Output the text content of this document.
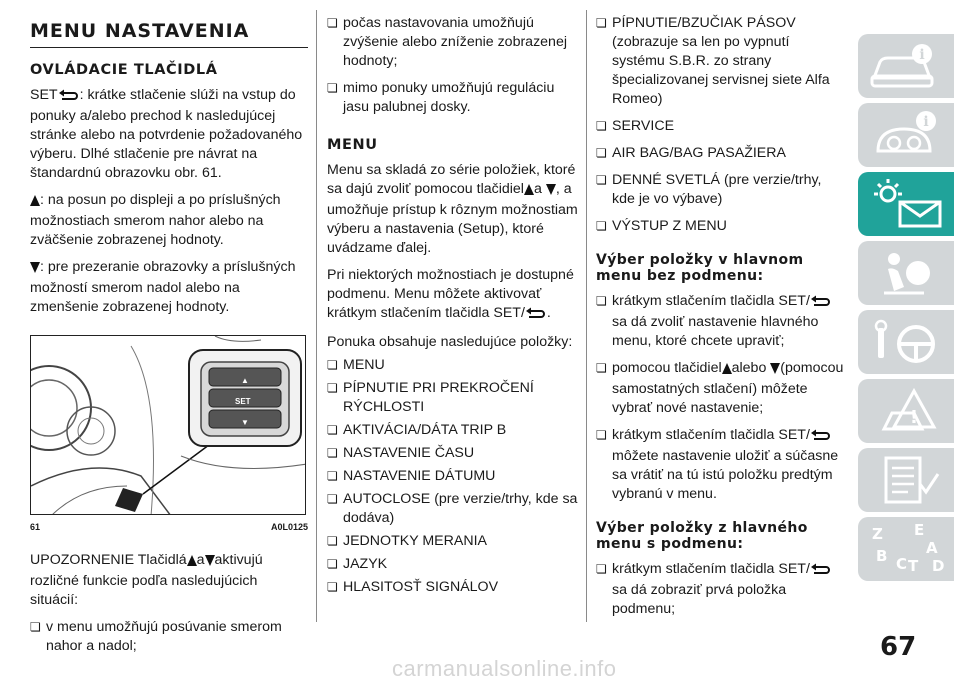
MENU NASTAVENIA
OVLÁDACIE TLAČIDLÁ

SET : krátke stlačenie slúži na vstup do ponuky a/alebo prechod k nasledujúcej stránke alebo na potvrdenie požadovaného výberu. Dlhé stlačenie pre návrat na štandardnú obrazovku obr. 61.

: na posun po displeji a po príslušných možnostiach smerom nahor alebo na zväčšenie zobrazenej hodnoty.

: pre prezeranie obrazovky a príslušných možností smerom nadol alebo na zmenšenie zobrazenej hodnoty.

▲
SET
▼
61	A0L0125

UPOZORNENIE Tlačidlá a aktivujú rozličné funkcie podľa nasledujúcich situácií:

❏ v menu umožňujú posúvanie smerom nahor a nadol;

❏ počas nastavovania umožňujú zvýšenie alebo zníženie zobrazenej hodnoty;

❏ mimo ponuky umožňujú reguláciu jasu palubnej dosky.

MENU

Menu sa skladá zo série položiek, ktoré sa dajú zvoliť pomocou tlačidiel a , a umožňuje prístup k rôznym možnostiam výberu a nastavenia (Setup), ktoré uvádzame ďalej.

Pri niektorých možnostiach je dostupné podmenu. Menu môžete aktivovať krátkym stlačením tlačidla SET/ .

Ponuka obsahuje nasledujúce položky:

❏ MENU

❏ PÍPNUTIE PRI PREKROČENÍ RÝCHLOSTI

❏ AKTIVÁCIA/DÁTA TRIP B

❏ NASTAVENIE ČASU

❏ NASTAVENIE DÁTUMU

❏ AUTOCLOSE (pre verzie/trhy, kde sa dodáva)

❏ JEDNOTKY MERANIA

❏ JAZYK

❏ HLASITOSŤ SIGNÁLOV

❏ PÍPNUTIE/BZUČIAK PÁSOV (zobrazuje sa len po vypnutí systému S.B.R. zo strany špecializovanej servisnej siete Alfa Romeo)

❏ SERVICE

❏ AIR BAG/BAG PASAŽIERA

❏ DENNÉ SVETLÁ (pre verzie/trhy, kde je vo výbave)

❏ VÝSTUP Z MENU

Výber položky v hlavnom menu bez podmenu:

❏ krátkym stlačením tlačidla SET/ sa dá zvoliť nastavenie hlavného menu, ktoré chcete upraviť;

❏ pomocou tlačidiel alebo (pomocou samostatných stlačení) môžete vybrať nové nastavenie;

❏ krátkym stlačením tlačidla SET/ môžete nastavenie uložiť a súčasne sa vrátiť na tú istú položku predtým vybranú v menu.

Výber položky z hlavného menu s podmenu:

❏ krátkym stlačením tlačidla SET/ sa dá zobraziť prvá položka podmenu;

i
i
!
Z E
A
B C T D
67
carmanualsonline.info
